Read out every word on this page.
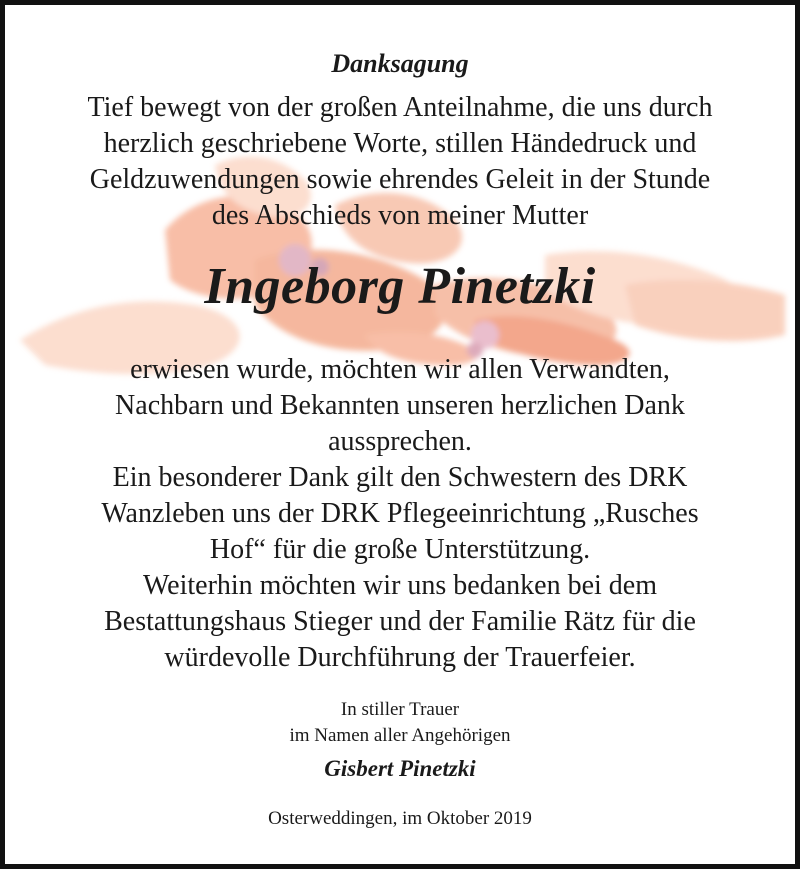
Danksagung
Tief bewegt von der großen Anteilnahme, die uns durch
herzlich geschriebene Worte, stillen Händedruck und
Geldzuwendungen sowie ehrendes Geleit in der Stunde
des Abschieds von meiner Mutter
Ingeborg Pinetzki
erwiesen wurde, möchten wir allen Verwandten,
Nachbarn und Bekannten unseren herzlichen Dank
aussprechen.
Ein besonderer Dank gilt den Schwestern des DRK
Wanzleben uns der DRK Pflegeeinrichtung „Rusches
Hof“ für die große Unterstützung.
Weiterhin möchten wir uns bedanken bei dem
Bestattungshaus Stieger und der Familie Rätz für die
würdevolle Durchführung der Trauerfeier.
In stiller Trauer
im Namen aller Angehörigen
Gisbert Pinetzki
Osterweddingen, im Oktober 2019
